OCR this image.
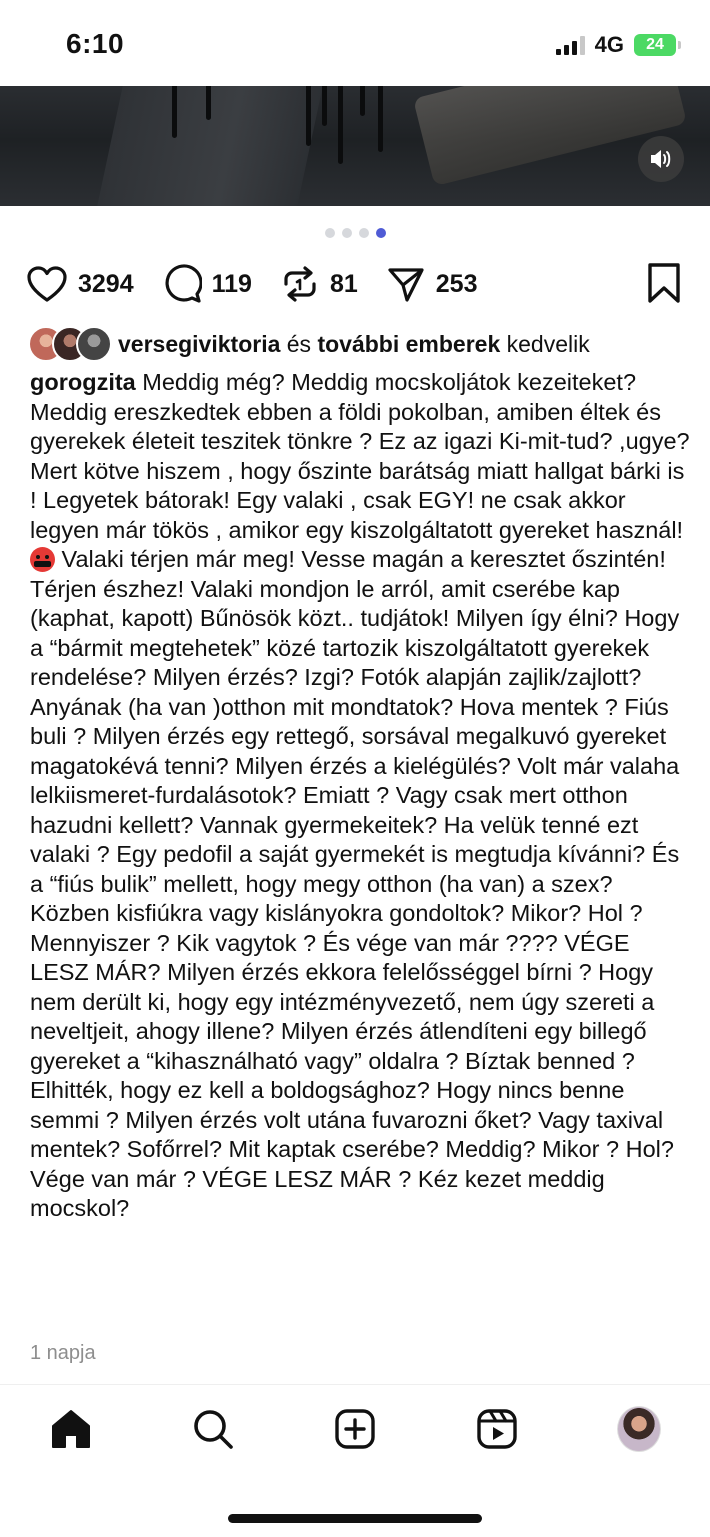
6:10	4G 24
3294	119	81	253
versegiviktoria és további emberek kedvelik
gorogzita Meddig még? Meddig mocskoljátok kezeiteket? Meddig ereszkedtek ebben a földi pokolban, amiben éltek és gyerekek életeit teszitek tönkre ? Ez az igazi Ki-mit-tud? ,ugye? Mert kötve hiszem , hogy őszinte barátság miatt hallgat bárki is ! Legyetek bátorak! Egy valaki , csak EGY! ne csak akkor legyen már tökös , amikor egy kiszolgáltatott gyereket használ!  Valaki térjen már meg! Vesse magán a keresztet őszintén! Térjen észhez! Valaki mondjon le arról, amit cserébe kap (kaphat, kapott) Bűnösök közt.. tudjátok! Milyen így élni? Hogy a “bármit megtehetek” közé tartozik kiszolgáltatott gyerekek rendelése? Milyen érzés? Izgi? Fotók alapján zajlik/zajlott? Anyának (ha van )otthon mit mondtatok? Hova mentek ? Fiús buli ? Milyen érzés egy rettegő, sorsával megalkuvó gyereket magatokévá tenni? Milyen érzés a kielégülés? Volt már valaha lelkiismeret-furdalásotok? Emiatt ? Vagy csak mert otthon hazudni kellett? Vannak gyermekeitek? Ha velük tenné ezt valaki ? Egy pedofil a saját gyermekét is megtudja kívánni? És a “fiús bulik” mellett, hogy megy otthon (ha van) a szex? Közben kisfiúkra vagy kislányokra gondoltok? Mikor? Hol ? Mennyiszer ? Kik vagytok ? És vége van már ???? VÉGE LESZ MÁR? Milyen érzés ekkora felelősséggel bírni ? Hogy nem derült ki, hogy egy intézményvezető, nem úgy szereti a neveltjeit, ahogy illene? Milyen érzés átlendíteni egy billegő gyereket a “kihasználható vagy” oldalra ? Bíztak benned ? Elhitték, hogy ez kell a boldogsághoz? Hogy nincs benne semmi ? Milyen érzés volt utána fuvarozni őket? Vagy taxival mentek? Sofőrrel? Mit kaptak cserébe? Meddig? Mikor ? Hol? Vége van már ? VÉGE LESZ MÁR ? Kéz kezet meddig mocskol?
1 napja
